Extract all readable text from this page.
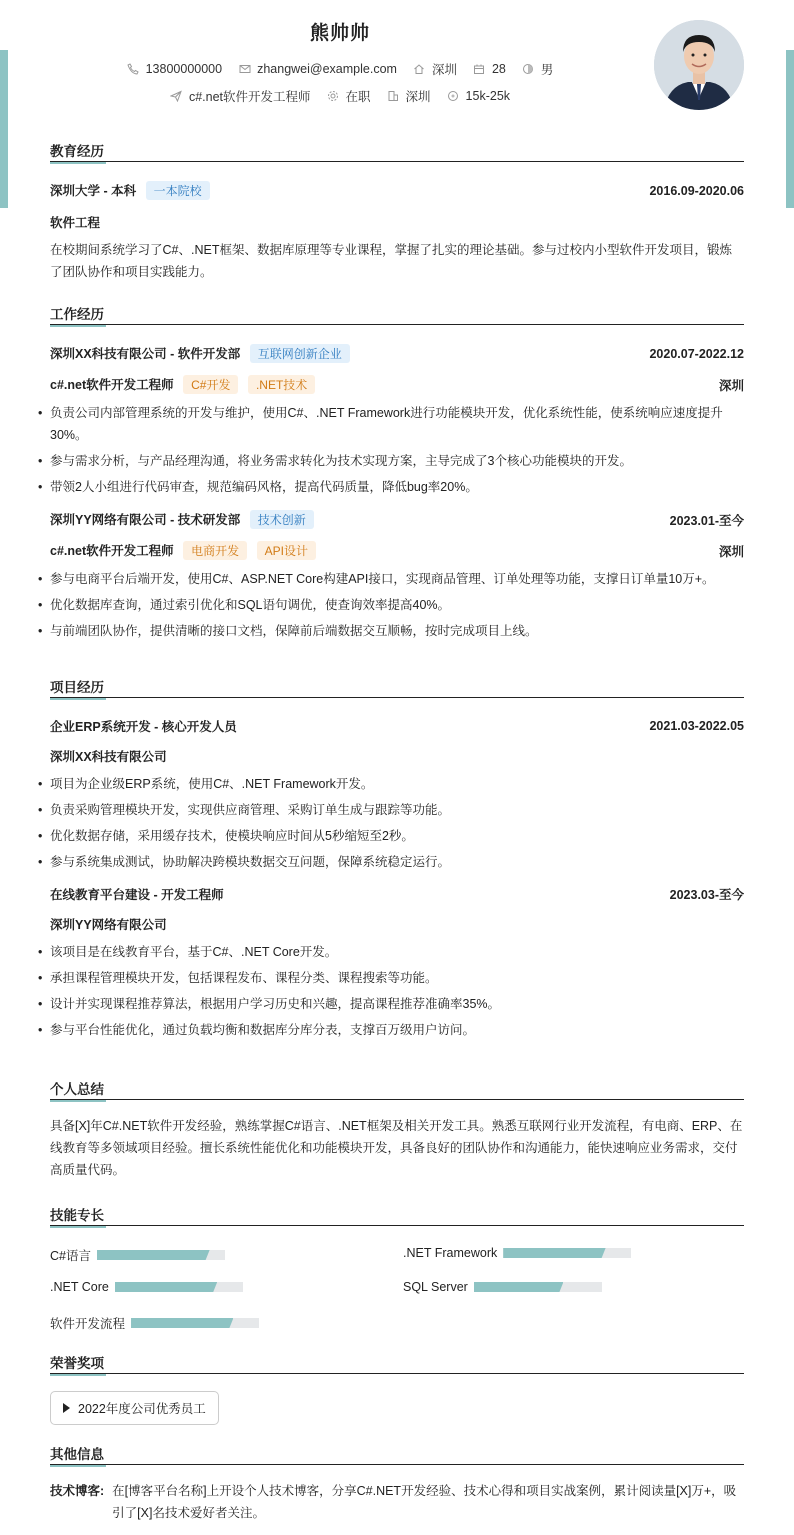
熊帅帅
13800000000	zhangwei@example.com	深圳	28	男
c#.net软件开发工程师	在职	深圳	15k-25k
教育经历
深圳大学 - 本科 一本院校	2016.09-2020.06
软件工程
在校期间系统学习了C#、.NET框架、数据库原理等专业课程，掌握了扎实的理论基础。参与过校内小型软件开发项目，锻炼了团队协作和项目实践能力。
工作经历
深圳XX科技有限公司 - 软件开发部 互联网创新企业	2020.07-2022.12
c#.net软件开发工程师 C#开发 .NET技术	深圳
• 负责公司内部管理系统的开发与维护，使用C#、.NET Framework进行功能模块开发，优化系统性能，使系统响应速度提升30%。
• 参与需求分析，与产品经理沟通，将业务需求转化为技术实现方案，主导完成了3个核心功能模块的开发。
• 带领2人小组进行代码审查，规范编码风格，提高代码质量，降低bug率20%。
深圳YY网络有限公司 - 技术研发部 技术创新	2023.01-至今
c#.net软件开发工程师 电商开发 API设计	深圳
• 参与电商平台后端开发，使用C#、ASP.NET Core构建API接口，实现商品管理、订单处理等功能，支撑日订单量10万+。
• 优化数据库查询，通过索引优化和SQL语句调优，使查询效率提高40%。
• 与前端团队协作，提供清晰的接口文档，保障前后端数据交互顺畅，按时完成项目上线。
项目经历
企业ERP系统开发 - 核心开发人员	2021.03-2022.05
深圳XX科技有限公司
• 项目为企业级ERP系统，使用C#、.NET Framework开发。
• 负责采购管理模块开发，实现供应商管理、采购订单生成与跟踪等功能。
• 优化数据存储，采用缓存技术，使模块响应时间从5秒缩短至2秒。
• 参与系统集成测试，协助解决跨模块数据交互问题，保障系统稳定运行。
在线教育平台建设 - 开发工程师	2023.03-至今
深圳YY网络有限公司
• 该项目是在线教育平台，基于C#、.NET Core开发。
• 承担课程管理模块开发，包括课程发布、课程分类、课程搜索等功能。
• 设计并实现课程推荐算法，根据用户学习历史和兴趣，提高课程推荐准确率35%。
• 参与平台性能优化，通过负载均衡和数据库分库分表，支撑百万级用户访问。
个人总结
具备[X]年C#.NET软件开发经验，熟练掌握C#语言、.NET框架及相关开发工具。熟悉互联网行业开发流程，有电商、ERP、在线教育等多领域项目经验。擅长系统性能优化和功能模块开发，具备良好的团队协作和沟通能力，能快速响应业务需求，交付高质量代码。
技能专长
C#语言	.NET Framework
.NET Core	SQL Server
软件开发流程
荣誉奖项
2022年度公司优秀员工
其他信息
技术博客: 在[博客平台名称]上开设个人技术博客，分享C#.NET开发经验、技术心得和项目实战案例，累计阅读量[X]万+，吸引了[X]名技术爱好者关注。
